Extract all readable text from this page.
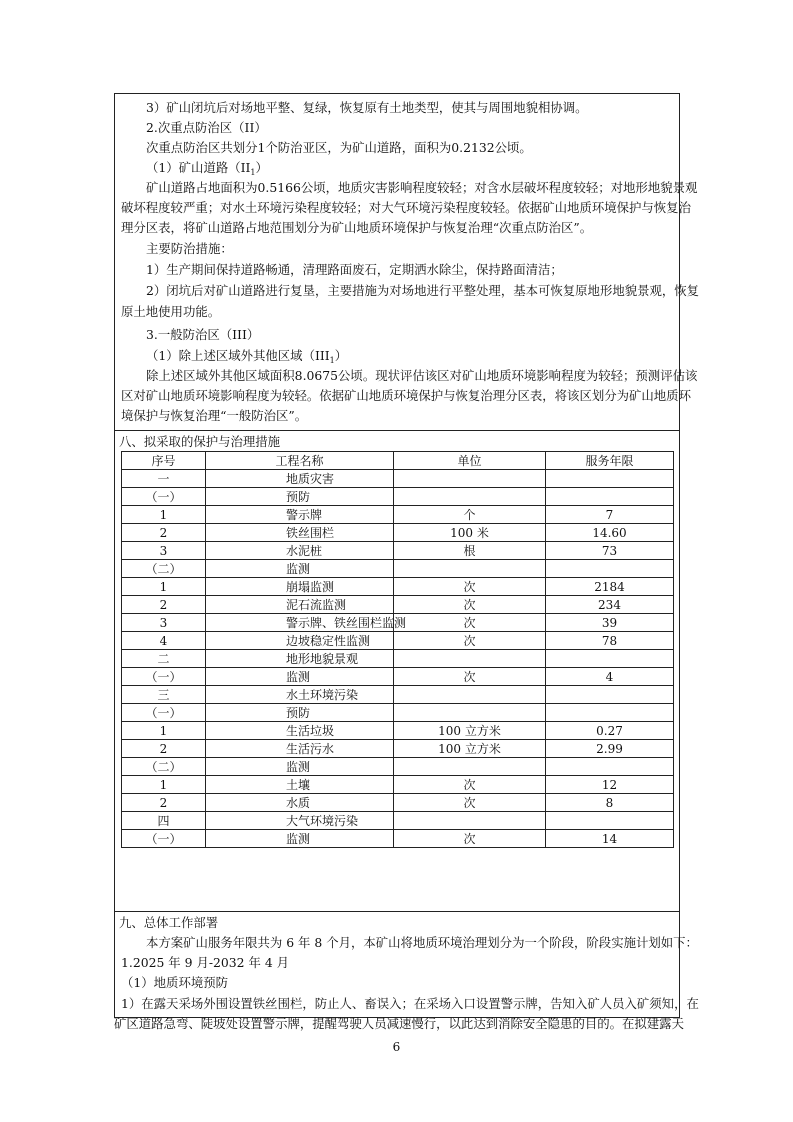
3）矿山闭坑后对场地平整、复绿，恢复原有土地类型，使其与周围地貌相协调。
2.次重点防治区（II）
次重点防治区共划分1个防治亚区，为矿山道路，面积为0.2132公顷。
（1）矿山道路$(II_1)$
矿山道路占地面积为0.5166公顷，地质灾害影响程度较轻；对含水层破坏程度较轻；对地形地貌景观
破坏程度较严重；对水土环境污染程度较轻；对大气环境污染程度较轻。依据矿山地质环境保护与恢复治
理分区表，将矿山道路占地范围划分为矿山地质环境保护与恢复治理“次重点防治区”。
主要防治措施：
1）生产期间保持道路畅通，清理路面废石，定期洒水除尘，保持路面清洁；
2）闭坑后对矿山道路进行复垦，主要措施为对场地进行平整处理，基本可恢复原地形地貌景观，恢复
原土地使用功能。
3.一般防治区（III）
（1）除上述区域外其他区域$(III_1)$
除上述区域外其他区域面积8.0675公顷。现状评估该区对矿山地质环境影响程度为较轻；预测评估该
区对矿山地质环境影响程度为较轻。依据矿山地质环境保护与恢复治理分区表，将该区划分为矿山地质环
境保护与恢复治理“一般防治区”。
八、拟采取的保护与治理措施
序号	工程名称	单位	服务年限
一	地质灾害		
（一）	预防		
1	警示牌	个	7
2	铁丝围栏	100 米	14.60
3	水泥桩	根	73
（二）	监测		
1	崩塌监测	次	2184
2	泥石流监测	次	234
3	警示牌、铁丝围栏监测	次	39
4	边坡稳定性监测	次	78
二	地形地貌景观		
（一）	监测	次	4
三	水土环境污染		
（一）	预防		
1	生活垃圾	100 立方米	0.27
2	生活污水	100 立方米	2.99
（二）	监测		
1	土壤	次	12
2	水质	次	8
四	大气环境污染		
（一）	监测	次	14
九、总体工作部署
本方案矿山服务年限共为 6 年 8 个月，本矿山将地质环境治理划分为一个阶段，阶段实施计划如下：
1.2025 年 9 月-2032 年 4 月
（1）地质环境预防
1）在露天采场外围设置铁丝围栏，防止人、畜误入；在采场入口设置警示牌，告知入矿人员入矿须知，在
矿区道路急弯、陡坡处设置警示牌，提醒驾驶人员减速慢行，以此达到消除安全隐患的目的。在拟建露天
6
